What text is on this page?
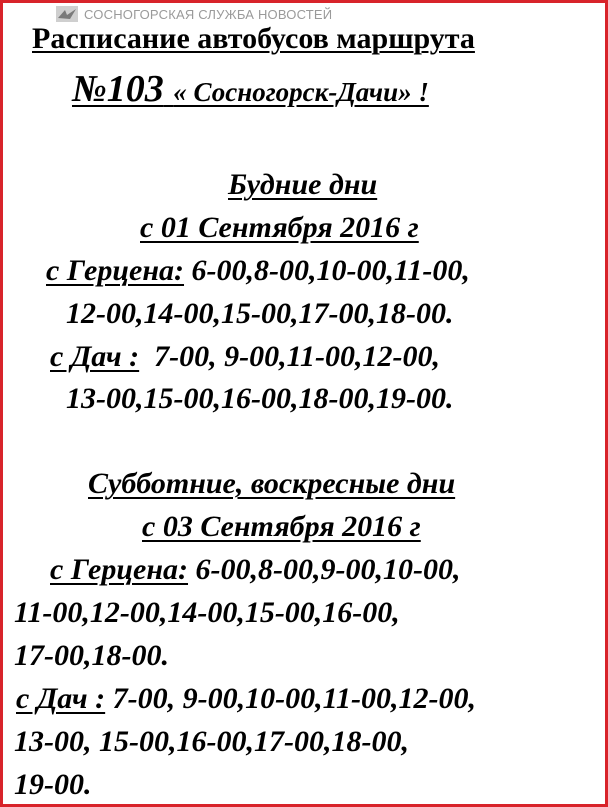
СОСНОГОРСКАЯ СЛУЖБА НОВОСТЕЙ
Расписание автобусов маршрута
№103 « Сосногорск-Дачи» !
Будние дни
с 01 Сентября 2016 г
с Герцена: 6-00,8-00,10-00,11-00,
12-00,14-00,15-00,17-00,18-00.
с Дач :  7-00, 9-00,11-00,12-00,
13-00,15-00,16-00,18-00,19-00.
Субботние, воскресные дни
с 03 Сентября 2016 г
с Герцена: 6-00,8-00,9-00,10-00,
11-00,12-00,14-00,15-00,16-00,
17-00,18-00.
с Дач : 7-00, 9-00,10-00,11-00,12-00,
13-00, 15-00,16-00,17-00,18-00,
19-00.
